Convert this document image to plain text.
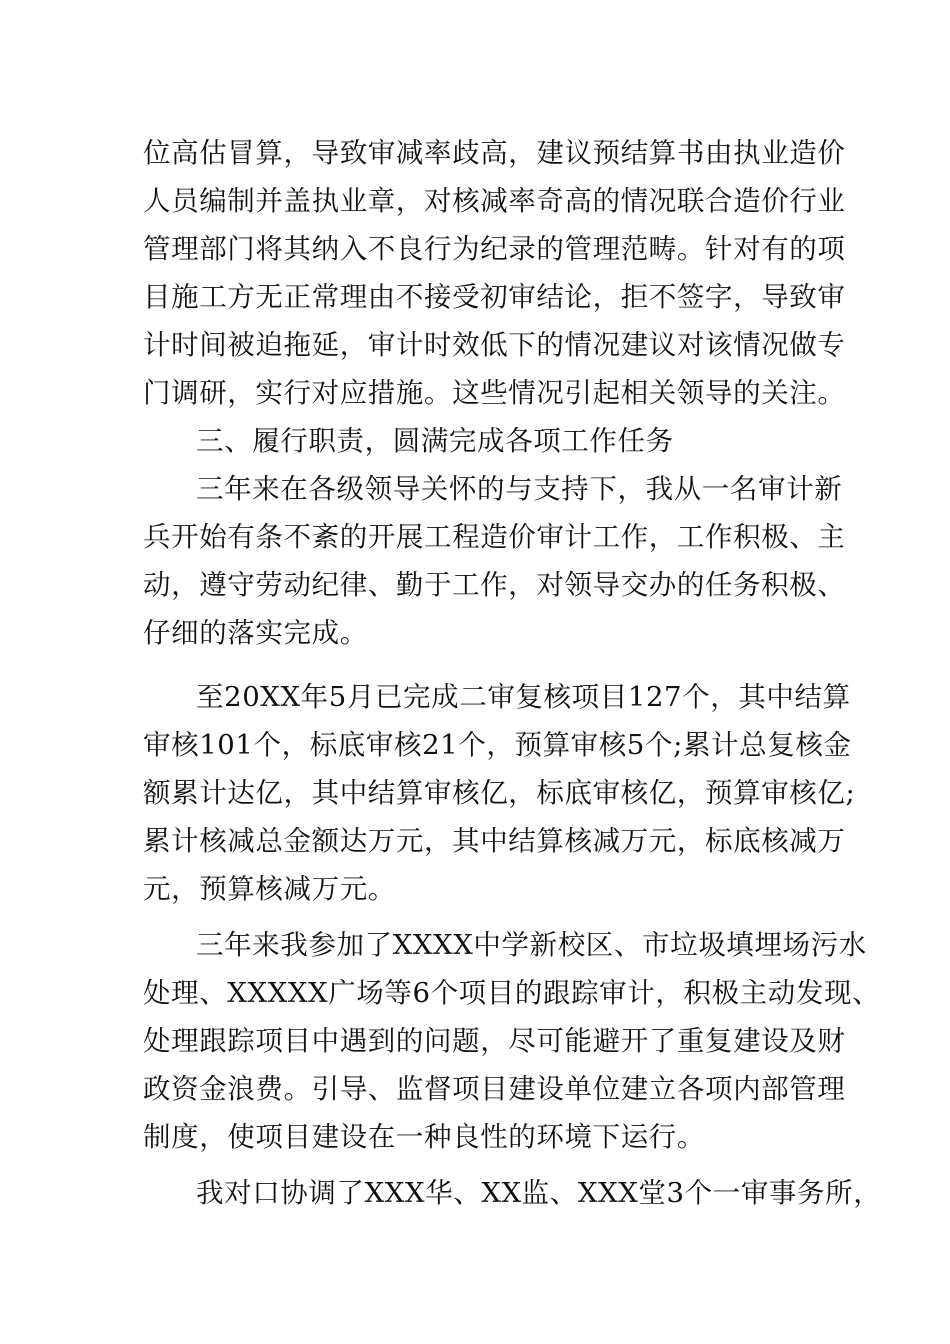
位高估冒算，导致审减率歧高，建议预结算书由执业造价
人员编制并盖执业章，对核减率奇高的情况联合造价行业
管理部门将其纳入不良行为纪录的管理范畴。针对有的项
目施工方无正常理由不接受初审结论，拒不签字，导致审
计时间被迫拖延，审计时效低下的情况建议对该情况做专
门调研，实行对应措施。这些情况引起相关领导的关注。
三、履行职责，圆满完成各项工作任务
三年来在各级领导关怀的与支持下，我从一名审计新
兵开始有条不紊的开展工程造价审计工作，工作积极、主
动，遵守劳动纪律、勤于工作，对领导交办的任务积极、
仔细的落实完成。
至20XX年5月已完成二审复核项目127个，其中结算
审核101个，标底审核21个，预算审核5个;累计总复核金
额累计达亿，其中结算审核亿，标底审核亿，预算审核亿;
累计核减总金额达万元，其中结算核减万元，标底核减万
元，预算核减万元。
三年来我参加了XXXX中学新校区、市垃圾填埋场污水
处理、XXXXX广场等6个项目的跟踪审计，积极主动发现、
处理跟踪项目中遇到的问题，尽可能避开了重复建设及财
政资金浪费。引导、监督项目建设单位建立各项内部管理
制度，使项目建设在一种良性的环境下运行。
我对口协调了XXX华、XX监、XXX堂3个一审事务所，
